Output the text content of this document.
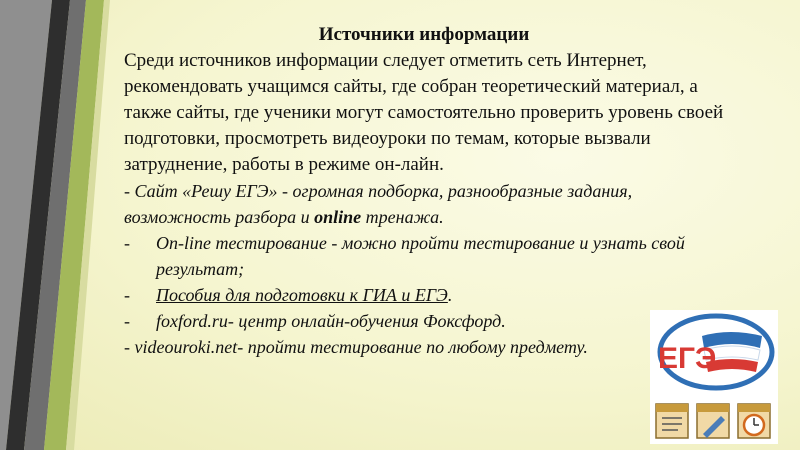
Источники информации

Среди источников информации следует отметить сеть Интернет, рекомендовать учащимся сайты, где собран теоретический материал, а также сайты, где ученики могут самостоятельно проверить уровень своей подготовки, просмотреть видеоуроки по темам, которые вызвали затруднение, работы в режиме он-лайн.

- Сайт «Решу ЕГЭ» - огромная подборка, разнообразные задания, возможность разбора и online тренажа.

- On-line тестирование - можно пройти тестирование и узнать свой результат;

- Пособия для подготовки к ГИА и ЕГЭ.

- foxford.ru- центр онлайн-обучения Фоксфорд.

- videouroki.net- пройти тестирование по любому предмету.	ЕГЭ
